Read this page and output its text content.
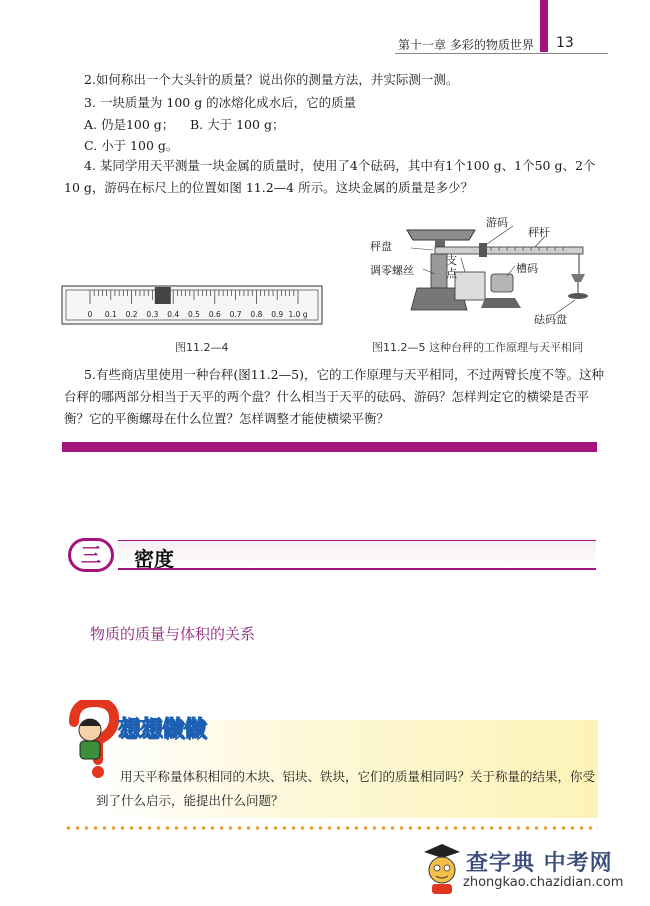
第十一章 多彩的物质世界 13
2.如何称出一个大头针的质量？说出你的测量方法，并实际测一测。
3. 一块质量为 100 g 的冰熔化成水后，它的质量
A. 仍是100 g； B. 大于 100 g；
C. 小于 100 g。
4. 某同学用天平测量一块金属的质量时，使用了4个砝码，其中有1个100 g、1个50 g、2个10 g，游码在标尺上的位置如图 11.2—4 所示。这块金属的质量是多少？
0 0.1 0.2 0.3 0.4 0.5 0.6 0.7 0.8 0.9 1.0 g
图11.2—4
游码
秤杆
秤盘
调零螺丝
支点	槽码
砝码盘
图11.2—5 这种台秤的工作原理与天平相同
5.有些商店里使用一种台秤(图11.2—5)，它的工作原理与天平相同，不过两臂长度不等。这种台秤的哪两部分相当于天平的两个盘？什么相当于天平的砝码、游码？怎样判定它的横梁是否平衡？它的平衡螺母在什么位置？怎样调整才能使横梁平衡？
三	密度
物质的质量与体积的关系
想想做做
用天平称量体积相同的木块、铝块、铁块，它们的质量相同吗？关于称量的结果，你受到了什么启示，能提出什么问题？
查字典 中考网
zhongkao.chazidian.com
